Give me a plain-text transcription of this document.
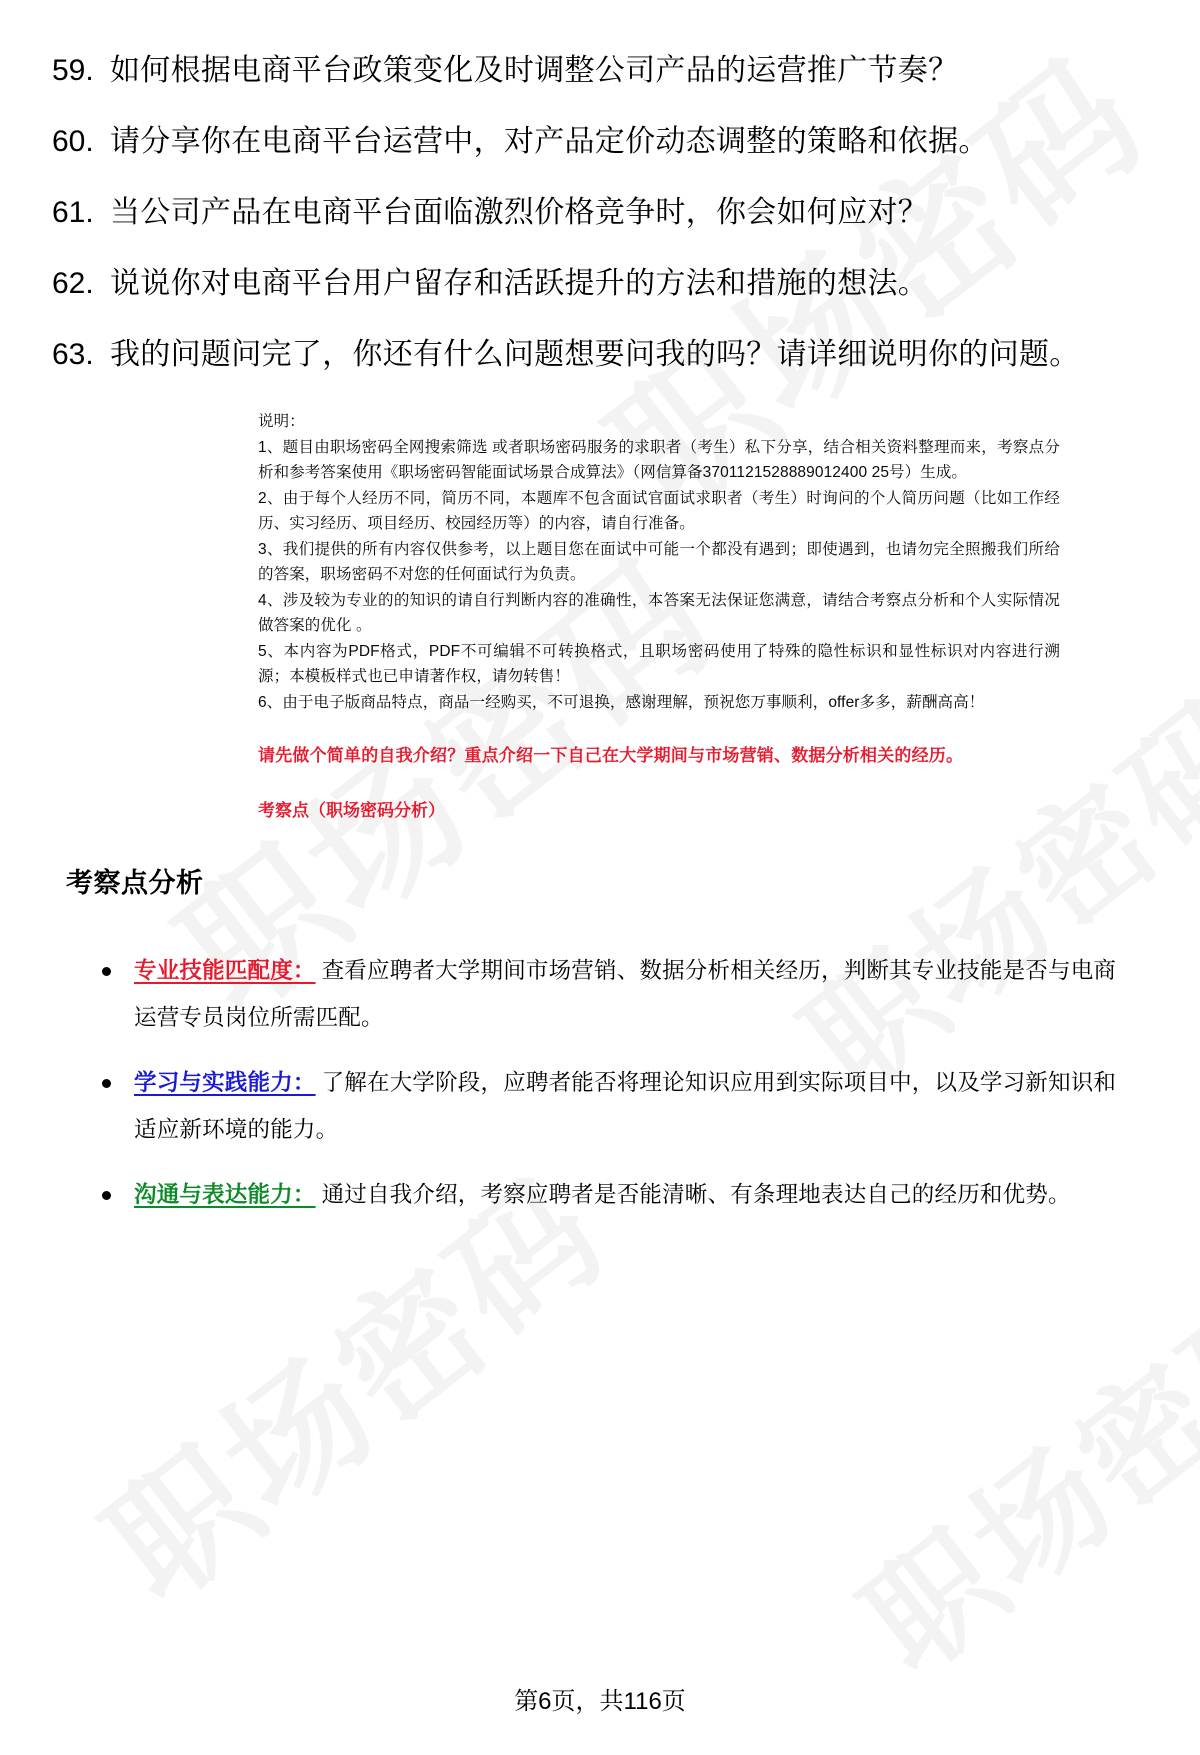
59. 如何根据电商平台政策变化及时调整公司产品的运营推广节奏？
60. 请分享你在电商平台运营中，对产品定价动态调整的策略和依据。
61. 当公司产品在电商平台面临激烈价格竞争时，你会如何应对？
62. 说说你对电商平台用户留存和活跃提升的方法和措施的想法。
63. 我的问题问完了，你还有什么问题想要问我的吗？请详细说明你的问题。
说明：
1、题目由职场密码全网搜索筛选 或者职场密码服务的求职者（考生）私下分享，结合相关资料整理而来，考察点分析和参考答案使用《职场密码智能面试场景合成算法》（网信算备3701121528889012400 25号）生成。
2、由于每个人经历不同，简历不同，本题库不包含面试官面试求职者（考生）时询问的个人简历问题（比如工作经历、实习经历、项目经历、校园经历等）的内容，请自行准备。
3、我们提供的所有内容仅供参考，以上题目您在面试中可能一个都没有遇到；即使遇到，也请勿完全照搬我们所给的答案，职场密码不对您的任何面试行为负责。
4、涉及较为专业的的知识的请自行判断内容的准确性，本答案无法保证您满意，请结合考察点分析和个人实际情况做答案的优化 。
5、本内容为PDF格式，PDF不可编辑不可转换格式，且职场密码使用了特殊的隐性标识和显性标识对内容进行溯源；本模板样式也已申请著作权，请勿转售！
6、由于电子版商品特点，商品一经购买，不可退换，感谢理解，预祝您万事顺利，offer多多，薪酬高高！
请先做个简单的自我介绍？重点介绍一下自己在大学期间与市场营销、数据分析相关的经历。
考察点（职场密码分析）
考察点分析
专业技能匹配度： 查看应聘者大学期间市场营销、数据分析相关经历，判断其专业技能是否与电商运营专员岗位所需匹配。
学习与实践能力： 了解在大学阶段，应聘者能否将理论知识应用到实际项目中，以及学习新知识和适应新环境的能力。
沟通与表达能力： 通过自我介绍，考察应聘者是否能清晰、有条理地表达自己的经历和优势。
第6页，共116页
